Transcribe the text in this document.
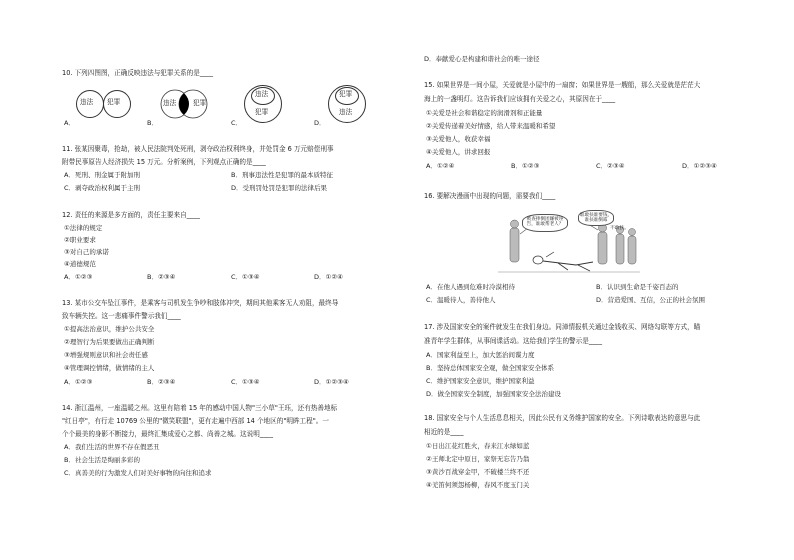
10. 下列四图图，正确反映违法与犯罪关系的是____
违法 犯罪
A．
违法	犯罪
B．
违法
犯罪
C．
犯罪
违法
D．
11. 张某因聚毒，抢劫，被人民法院判处死刑，剥夺政治权利终身，并处罚金 6 万元赔偿刑事
附带民事原告人经济损失 15 万元。分析案例，下列观点正确的是____
A．死刑、刑金属于附加刑	B．刑事违法性是犯罪的最本质特征
C．剥夺政治权利属于主刑	D．受刑罚处罚是犯罪的法律后果
12. 责任的来源是多方面的，责任主要来自____
①法律的规定
②职业要求
③对自己的承诺
④道德规范
A．①②③	B．②③④	C．①③④	D．①②④
13. 某市公交车坠江事件，是乘客与司机发生争吵和肢体冲突，期间其他乘客无人劝阻，最终导
致车辆失控。这一悲痛事件警示我们____
①提高法治意识，维护公共安全
②理智行为后果要做出正确判断
③增强规则意识和社会责任感
④管理调控情绪，做情绪的主人
A．①②③	B．②③④	C．①③④	D．①②③④
14. 浙江温州，一座温暖之州。这里有陪着 15 年的感动中国人物"三小草"王珏，还有热善地标
"红日亭"，有行走 10769 公里的"微笑联盟"，更有走遍中西部 14 个地区的"明眸工程"。一
个个最美的身影不断接力，最终汇集成爱心之都、尚善之城。这说明____
A．我们生活的世界不存在假恶丑
B．社会生活是绚丽多彩的
C．真善美的行为激发人们对美好事物的向往和追求
D．奉献爱心是构建和谐社会的唯一途径
15. 如果世界是一间小屋，关爱就是小屋中的一扇窗；如果世界是一艘船，那么关爱就是茫茫大
海上的一盏明灯。这告诉我们应该拥有关爱之心，其原因在于____
①关爱是社会和谐稳定的润滑剂和正能量
②关爱传递着美好情感，给人带来温暖和希望
③关爱他人，收获幸福
④关爱他人，讲求回报
A．①②④	B．①②③	C．②③④	D．①②③④
16. 要解决漫画中出现的问题，需要我们____
被查摔倒团嫌被诬告，谁敢帮老人？
谁敢扶谁要钱，谁扶谁倒霉
不敢扶。
A．在他人遇到危难时冷漠相待	B．认识到生命是千姿百态的
C．温暖待人，善待他人	D．营造爱国、互信，公正的社会氛围
17. 涉及国家安全的案件就发生在我们身边。同漳情报机关通过金钱收买、网络勾联等方式，瞄
准青年学生群体，从事间谍活动。这给我们学生的警示是____
A．国家利益至上，加大惩治间谍力度
B．坚持总体国家安全观，做全国家安全体系
C．维护国家安全意识，维护国家利益
D．做全国家安全制度，加强国家安全法治建设
18. 国家安全与个人生活息息相关，因此公民有义务维护国家的安全。下列诗歌表达的意思与此
相近的是____
①日出江花红胜火，春来江水绿如蓝
②王师北定中原日，家祭无忘告乃翁
③黄沙百战穿金甲，不破楼兰终不还
④羌笛何须怨杨柳，春风不度玉门关
